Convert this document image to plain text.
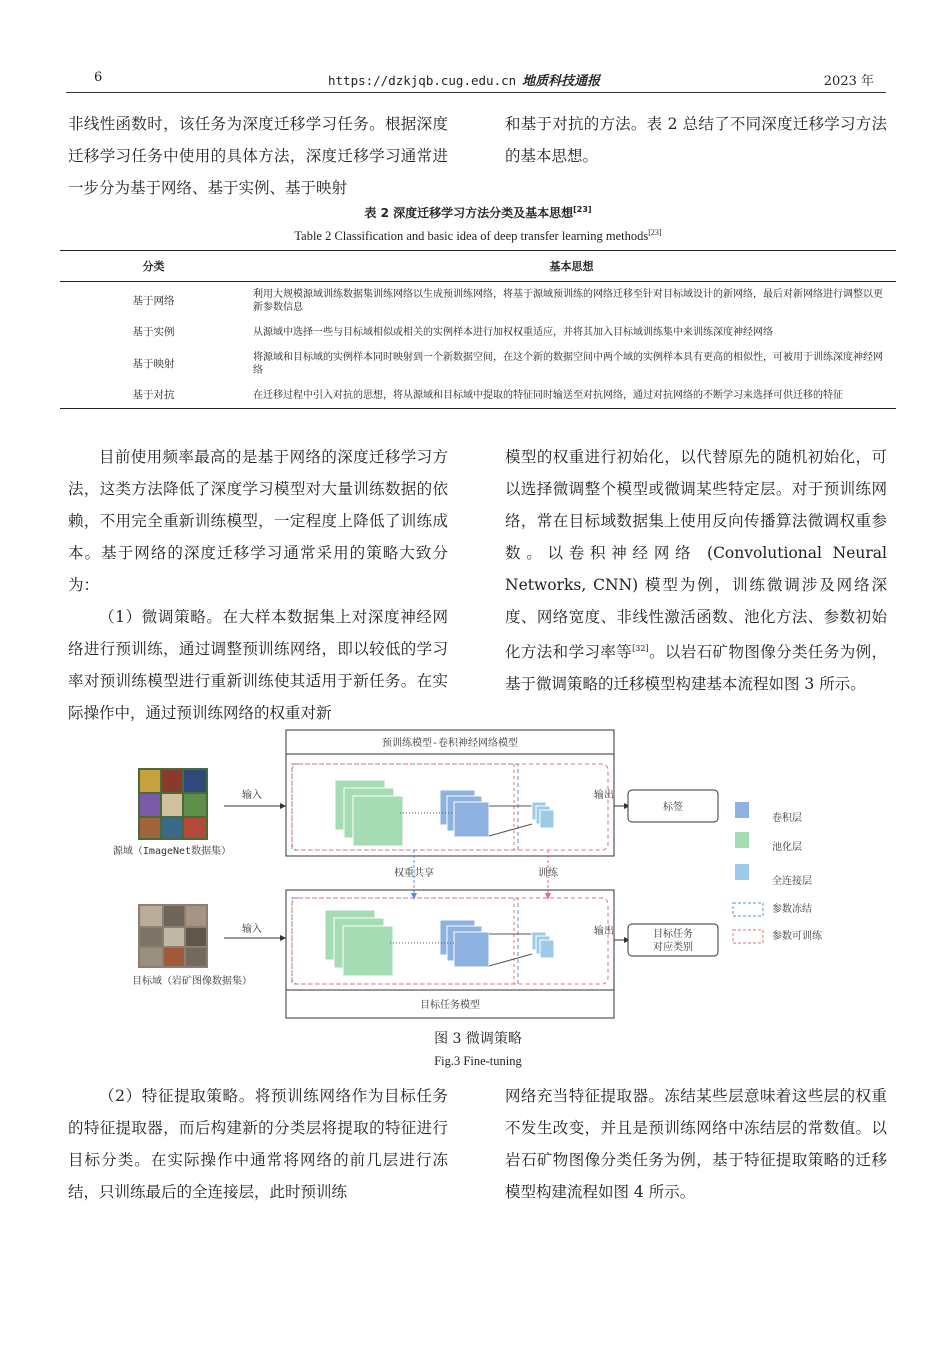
6	https://dzkjqb.cug.edu.cn 地质科技通报	2023 年

非线性函数时，该任务为深度迁移学习任务。根据深度迁移学习任务中使用的具体方法，深度迁移学习通常进一步分为基于网络、基于实例、基于映射

和基于对抗的方法。表 2 总结了不同深度迁移学习方法的基本思想。

表 2 深度迁移学习方法分类及基本思想[23]
Table 2 Classification and basic idea of deep transfer learning methods[23]
分类	基本思想
基于网络	利用大规模源域训练数据集训练网络以生成预训练网络，将基于源域预训练的网络迁移至针对目标域设计的新网络，最后对新网络进行调整以更新参数信息
基于实例	从源域中选择一些与目标域相似或相关的实例样本进行加权权重适应，并将其加入目标域训练集中来训练深度神经网络
基于映射	将源域和目标域的实例样本同时映射到一个新数据空间，在这个新的数据空间中两个域的实例样本具有更高的相似性，可被用于训练深度神经网络
基于对抗	在迁移过程中引入对抗的思想，将从源域和目标域中提取的特征同时输送至对抗网络，通过对抗网络的不断学习来选择可供迁移的特征

目前使用频率最高的是基于网络的深度迁移学习方法，这类方法降低了深度学习模型对大量训练数据的依赖，不用完全重新训练模型，一定程度上降低了训练成本。基于网络的深度迁移学习通常采用的策略大致分为：

（1）微调策略。在大样本数据集上对深度神经网络进行预训练，通过调整预训练网络，即以较低的学习率对预训练模型进行重新训练使其适用于新任务。在实际操作中，通过预训练网络的权重对新

模型的权重进行初始化，以代替原先的随机初始化，可以选择微调整个模型或微调某些特定层。对于预训练网络，常在目标域数据集上使用反向传播算法微调权重参数。以卷积神经网络 (Convolutional Neural Networks, CNN) 模型为例，训练微调涉及网络深度、网络宽度、非线性激活函数、池化方法、参数初始化方法和学习率等[32]。以岩石矿物图像分类任务为例，基于微调策略的迁移模型构建基本流程如图 3 所示。

预训练模型-卷积神经网络模型
源域（ImageNet数据集）
输入	输出
标签
权重共享	训练
目标任务模型
目标域（岩矿图像数据集）
输入	输出	目标任务
对应类别
卷积层
池化层
全连接层
参数冻结
参数可训练
图 3 微调策略
Fig.3 Fine-tuning

（2）特征提取策略。将预训练网络作为目标任务的特征提取器，而后构建新的分类层将提取的特征进行目标分类。在实际操作中通常将网络的前几层进行冻结，只训练最后的全连接层，此时预训练

网络充当特征提取器。冻结某些层意味着这些层的权重不发生改变，并且是预训练网络中冻结层的常数值。以岩石矿物图像分类任务为例，基于特征提取策略的迁移模型构建流程如图 4 所示。
